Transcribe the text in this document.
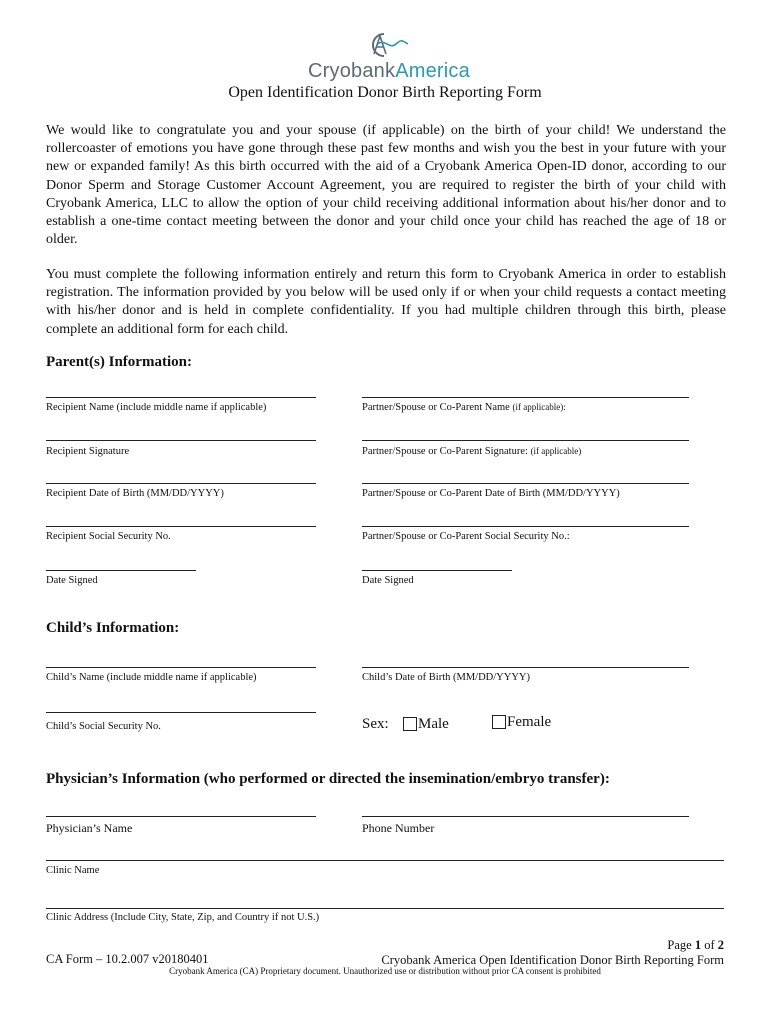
CryobankAmerica
Open Identification Donor Birth Reporting Form

We would like to congratulate you and your spouse (if applicable) on the birth of your child! We understand the rollercoaster of emotions you have gone through these past few months and wish you the best in your future with your new or expanded family! As this birth occurred with the aid of a Cryobank America Open-ID donor, according to our Donor Sperm and Storage Customer Account Agreement, you are required to register the birth of your child with Cryobank America, LLC to allow the option of your child receiving additional information about his/her donor and to establish a one-time contact meeting between the donor and your child once your child has reached the age of 18 or older.

You must complete the following information entirely and return this form to Cryobank America in order to establish registration. The information provided by you below will be used only if or when your child requests a contact meeting with his/her donor and is held in complete confidentiality. If you had multiple children through this birth, please complete an additional form for each child.

Parent(s) Information:
Recipient Name (include middle name if applicable)	Partner/Spouse or Co-Parent Name (if applicable):
Recipient Signature	Partner/Spouse or Co-Parent Signature: (if applicable)
Recipient Date of Birth (MM/DD/YYYY)	Partner/Spouse or Co-Parent Date of Birth (MM/DD/YYYY)
Recipient Social Security No.	Partner/Spouse or Co-Parent Social Security No.:
Date Signed	Date Signed
Child’s Information:
Child’s Name (include middle name if applicable)	Child’s Date of Birth (MM/DD/YYYY)
Child’s Social Security No.	Sex: Male	Female
Physician’s Information (who performed or directed the insemination/embryo transfer):
Physician’s Name	Phone Number
Clinic Name
Clinic Address (Include City, State, Zip, and Country if not U.S.)
CA Form – 10.2.007 v20180401
Page 1 of 2
Cryobank America Open Identification Donor Birth Reporting Form
Cryobank America (CA) Proprietary document. Unauthorized use or distribution without prior CA consent is prohibited
